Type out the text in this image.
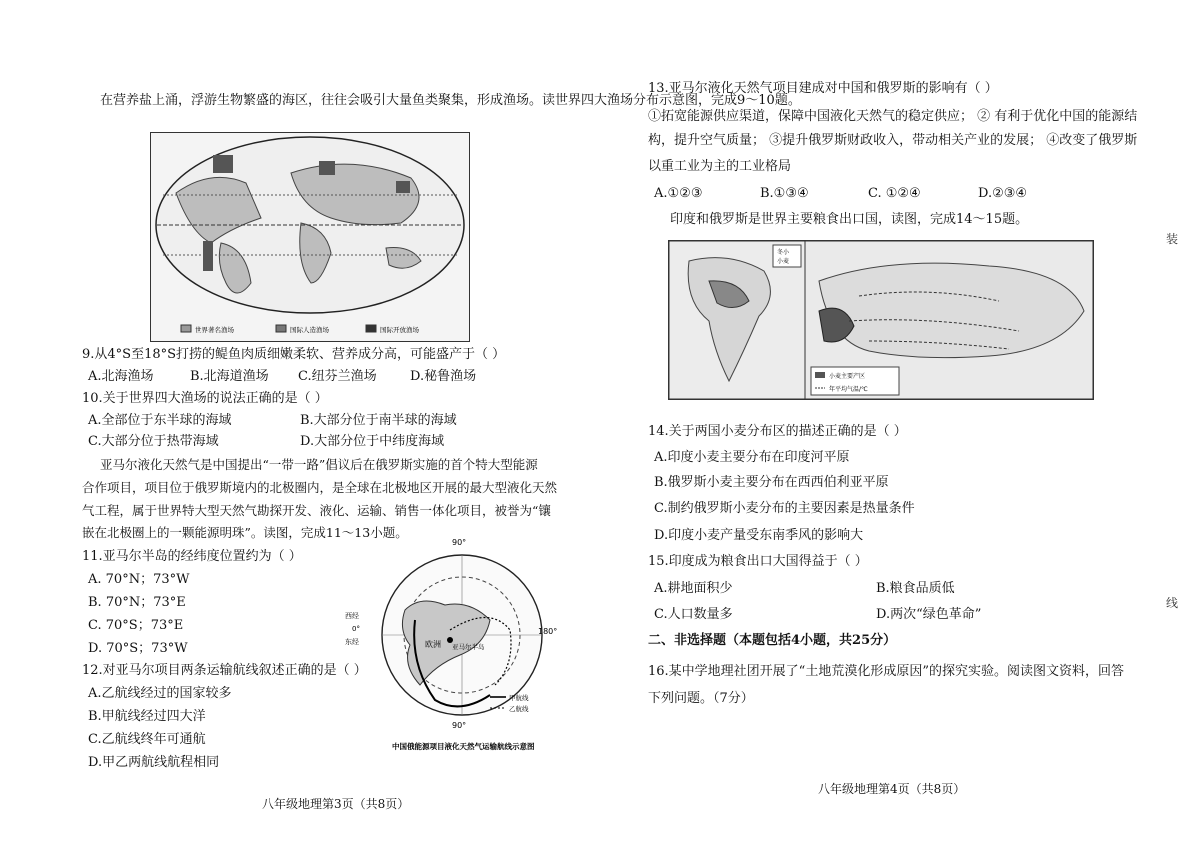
在营养盐上涌，浮游生物繁盛的海区，往往会吸引大量鱼类聚集，形成渔场。读世界四大渔场分布示意图，完成9～10题。
世界著名渔场	国际人造渔场	国际开放渔场
9.从4°S至18°S打捞的鳀鱼肉质细嫩柔软、营养成分高，可能盛产于（ ）
A.北海渔场	B.北海道渔场 C.纽芬兰渔场	D.秘鲁渔场
10.关于世界四大渔场的说法正确的是（ ）
A.全部位于东半球的海域	B.大部分位于南半球的海域
C.大部分位于热带海域	D.大部分位于中纬度海域
亚马尔液化天然气是中国提出“一带一路”倡议后在俄罗斯实施的首个特大型能源
合作项目，项目位于俄罗斯境内的北极圈内，是全球在北极地区开展的最大型液化天然
气工程，属于世界特大型天然气勘探开发、液化、运输、销售一体化项目，被誉为“镶
嵌在北极圈上的一颗能源明珠”。读图，完成11～13小题。
11.亚马尔半岛的经纬度位置约为（ ）
A. 70°N；73°W
B. 70°N；73°E
C. 70°S；73°E
D. 70°S；73°W
12.对亚马尔项目两条运输航线叙述正确的是（ ）
A.乙航线经过的国家较多
B.甲航线经过四大洋
C.乙航线终年可通航
D.甲乙两航线航程相同
90°
欧洲 亚马尔半岛
西经
0°
东经
180°
90°
甲航线
乙航线
中国俄能源项目液化天然气运输航线示意图
八年级地理第3页（共8页）
13.亚马尔液化天然气项目建成对中国和俄罗斯的影响有（ ）
①拓宽能源供应渠道，保障中国液化天然气的稳定供应； ② 有利于优化中国的能源结
构，提升空气质量； ③提升俄罗斯财政收入，带动相关产业的发展； ④改变了俄罗斯
以重工业为主的工业格局
A.①②③	B.①③④	C. ①②④	D.②③④
印度和俄罗斯是世界主要粮食出口国，读图，完成14～15题。
冬小
小麦
小麦主要产区
年平均气温/℃
14.关于两国小麦分布区的描述正确的是（ ）
A.印度小麦主要分布在印度河平原
B.俄罗斯小麦主要分布在西西伯利亚平原
C.制约俄罗斯小麦分布的主要因素是热量条件
D.印度小麦产量受东南季风的影响大
15.印度成为粮食出口大国得益于（ ）
A.耕地面积少	B.粮食品质低
C.人口数量多	D.两次“绿色革命”
二、非选择题（本题包括4小题，共25分）
16.某中学地理社团开展了“土地荒漠化形成原因”的探究实验。阅读图文资料，回答
下列问题。（7分）
八年级地理第4页（共8页）
装
线
